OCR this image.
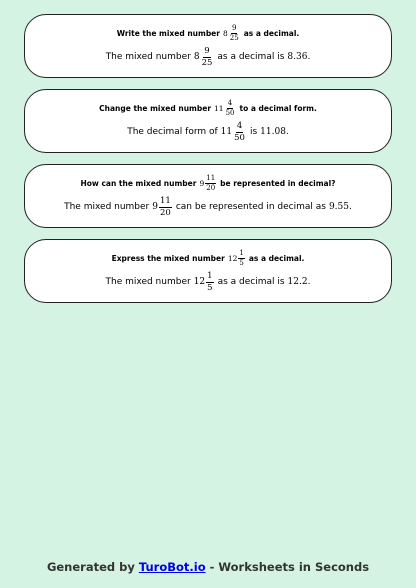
Write the mixed number $8 \frac{9}{25}$ as a decimal.
The mixed number $8 \frac{9}{25}$ as a decimal is 8.36 .
Change the mixed number $11 \frac{4}{50}$ to a decimal form.
The decimal form of $11 \frac{4}{50}$ is 11.08 .
How can the mixed number $9 \frac{11}{20}$ be represented in decimal?
The mixed number $9 \frac{11}{20}$ can be represented in decimal as 9.55 .
Express the mixed number $12 \frac{1}{5}$ as a decimal.
The mixed number $12 \frac{1}{5}$ as a decimal is 12.2 .
Generated by TuroBot.io - Worksheets in Seconds
